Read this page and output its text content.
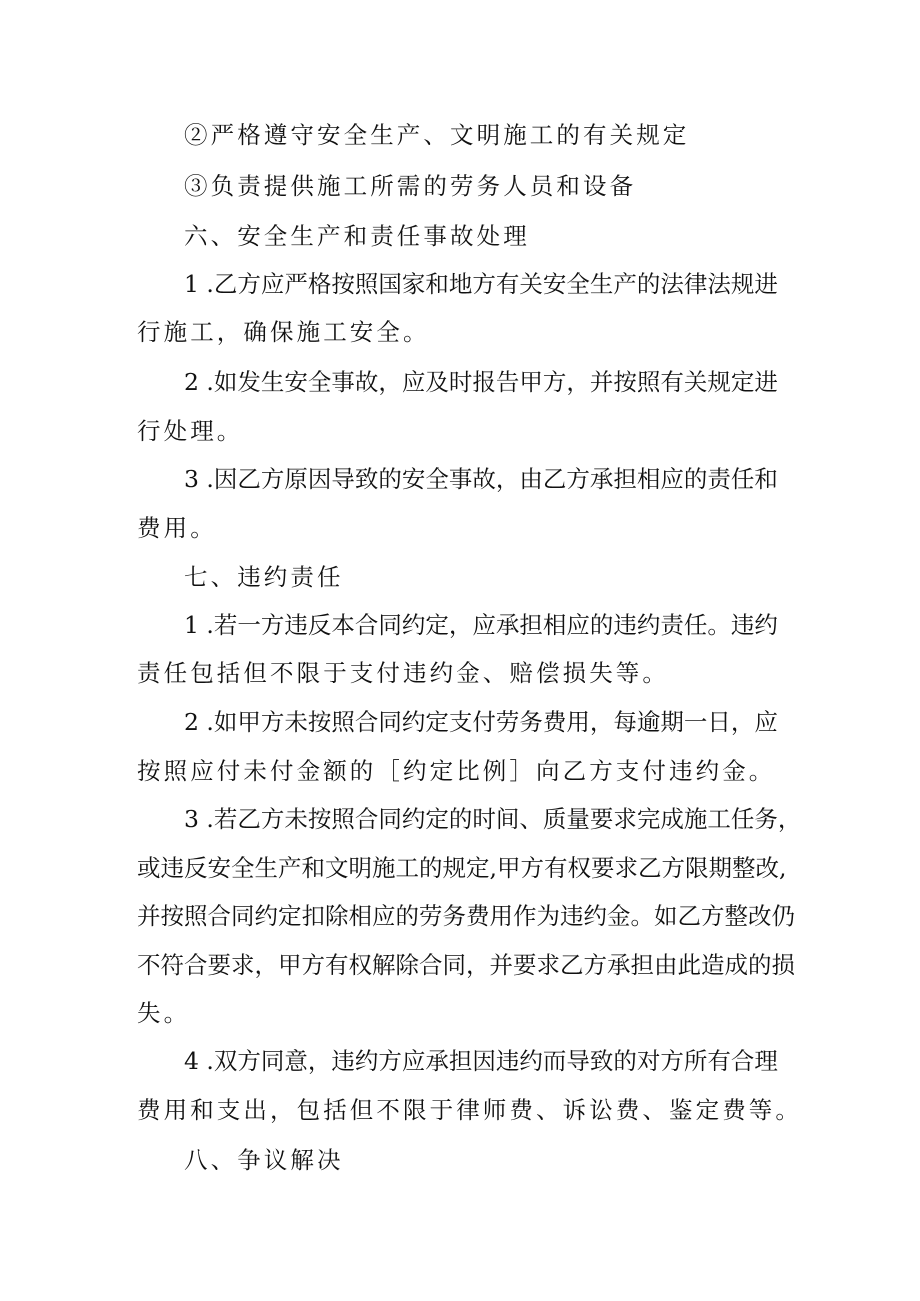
②严格遵守安全生产、文明施工的有关规定
③负责提供施工所需的劳务人员和设备
六、安全生产和责任事故处理
1 .乙方应严格按照国家和地方有关安全生产的法律法规进
行施工，确保施工安全。
2 .如发生安全事故，应及时报告甲方，并按照有关规定进
行处理。
3 .因乙方原因导致的安全事故，由乙方承担相应的责任和
费用。
七、违约责任
1 .若一方违反本合同约定，应承担相应的违约责任。违约
责任包括但不限于支付违约金、赔偿损失等。
2 .如甲方未按照合同约定支付劳务费用，每逾期一日，应
按照应付未付金额的［约定比例］向乙方支付违约金。
3 .若乙方未按照合同约定的时间、质量要求完成施工任务，
或违反安全生产和文明施工的规定,甲方有权要求乙方限期整改,
并按照合同约定扣除相应的劳务费用作为违约金。如乙方整改仍
不符合要求，甲方有权解除合同，并要求乙方承担由此造成的损
失。
4 .双方同意，违约方应承担因违约而导致的对方所有合理
费用和支出，包括但不限于律师费、诉讼费、鉴定费等。
八、争议解决
